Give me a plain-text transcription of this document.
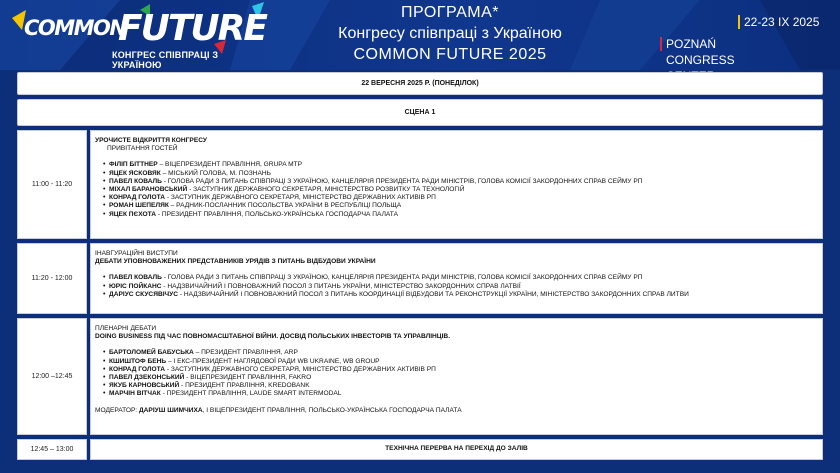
COMMON
FUTURE
КОНГРЕС СПІВПРАЦІ З УКРАЇНОЮ
ПРОГРАМА*
Конгресу співпраці з Україною
COMMON FUTURE 2025
22-23 IX 2025
POZNAŃ CONGRESS
22 ВЕРЕСНЯ 2025 Р. (ПОНЕДІЛОК)
СЦЕНА 1
11:00 - 11:20
УРОЧИСТЕ ВІДКРИТТЯ КОНГРЕСУ
ПРИВІТАННЯ ГОСТЕЙ
• ФІЛІП БІТТНЕР – ВІЦЕПРЕЗИДЕНТ ПРАВЛІННЯ, GRUPA MTP
• ЯЦЕК ЯСКОВЯК – МІСЬКИЙ ГОЛОВА, М. ПОЗНАНЬ
• ПАВЕЛ КОВАЛЬ - ГОЛОВА РАДИ З ПИТАНЬ СПІВПРАЦІ З УКРАЇНОЮ, КАНЦЕЛЯРІЯ ПРЕЗИДЕНТА РАДИ МІНІСТРІВ, ГОЛОВА КОМІСІЇ ЗАКОРДОННИХ СПРАВ СЕЙМУ РП
• МІХАЛ БАРАНОВСЬКИЙ - ЗАСТУПНИК ДЕРЖАВНОГО СЕКРЕТАРЯ, МІНІСТЕРСТВО РОЗВИТКУ ТА ТЕХНОЛОГІЙ
• КОНРАД ГОЛОТА - ЗАСТУПНИК ДЕРЖАВНОГО СЕКРЕТАРЯ, МІНІСТЕРСТВО ДЕРЖАВНИХ АКТИВІВ РП
• РОМАН ШЕПЕЛЯК – РАДНИК-ПОСЛАННИК ПОСОЛЬСТВА УКРАЇНИ В РЕСПУБЛІЦІ ПОЛЬЩА
• ЯЦЕК ПЄХОТА - ПРЕЗИДЕНТ ПРАВЛІННЯ, ПОЛЬСЬКО-УКРАЇНСЬКА ГОСПОДАРЧА ПАЛАТА
11:20 - 12:00
ІНАВГУРАЦІЙНІ ВИСТУПИ
ДЕБАТИ УПОВНОВАЖЕНИХ ПРЕДСТАВНИКІВ УРЯДІВ З ПИТАНЬ ВІДБУДОВИ УКРАЇНИ
• ПАВЕЛ КОВАЛЬ - ГОЛОВА РАДИ З ПИТАНЬ СПІВПРАЦІ З УКРАЇНОЮ, КАНЦЕЛЯРІЯ ПРЕЗИДЕНТА РАДИ МІНІСТРІВ, ГОЛОВА КОМІСІЇ ЗАКОРДОННИХ СПРАВ СЕЙМУ РП
• ЮРІС ПОЙКАНС - НАДЗВИЧАЙНИЙ І ПОВНОВАЖНИЙ ПОСОЛ З ПИТАНЬ УКРАЇНИ, МІНІСТЕРСТВО ЗАКОРДОННИХ СПРАВ ЛАТВІЇ
• ДАРІУС СКУСЯВІЧУС - НАДЗВИЧАЙНИЙ І ПОВНОВАЖНИЙ ПОСОЛ З ПИТАНЬ КООРДИНАЦІЇ ВІДБУДОВИ ТА РЕКОНСТРУКЦІЇ УКРАЇНИ, МІНІСТЕРСТВО ЗАКОРДОННИХ СПРАВ ЛИТВИ
12:00 –12:45
ПЛЕНАРНІ ДЕБАТИ
DOING BUSINESS ПІД ЧАС ПОВНОМАСШТАБНОЇ ВІЙНИ. ДОСВІД ПОЛЬСЬКИХ ІНВЕСТОРІВ ТА УПРАВЛІНЦІВ.
• БАРТОЛОМЕЙ БАБУСЬКА – ПРЕЗИДЕНТ ПРАВЛІННЯ, ARP
• КШИШТОФ БЕНЬ – І ЕКС-ПРЕЗИДЕНТ НАГЛЯДОВОЇ РАДИ WB UKRAINE, WB GROUP
• КОНРАД ГОЛОТА - ЗАСТУПНИК ДЕРЖАВНОГО СЕКРЕТАРЯ, МІНІСТЕРСТВО ДЕРЖАВНИХ АКТИВІВ РП
• ПАВЕЛ ДЗЕКОНСЬКИЙ - ВІЦЕПРЕЗИДЕНТ ПРАВЛІННЯ, FAKRO
• ЯКУБ КАРНОВСЬКИЙ - ПРЕЗИДЕНТ ПРАВЛІННЯ, KREDOBANK
• МАРЧІН ВІТЧАК - ПРЕЗИДЕНТ ПРАВЛІННЯ, LAUDE SMART INTERMODAL
МОДЕРАТОР: ДАРІУШ ШИМЧИХА, І ВІЦЕПРЕЗИДЕНТ ПРАВЛІННЯ, ПОЛЬСЬКО-УКРАЇНСЬКА ГОСПОДАРЧА ПАЛАТА
12:45 – 13:00	ТЕХНІЧНА ПЕРЕРВА НА ПЕРЕХІД ДО ЗАЛІВ
